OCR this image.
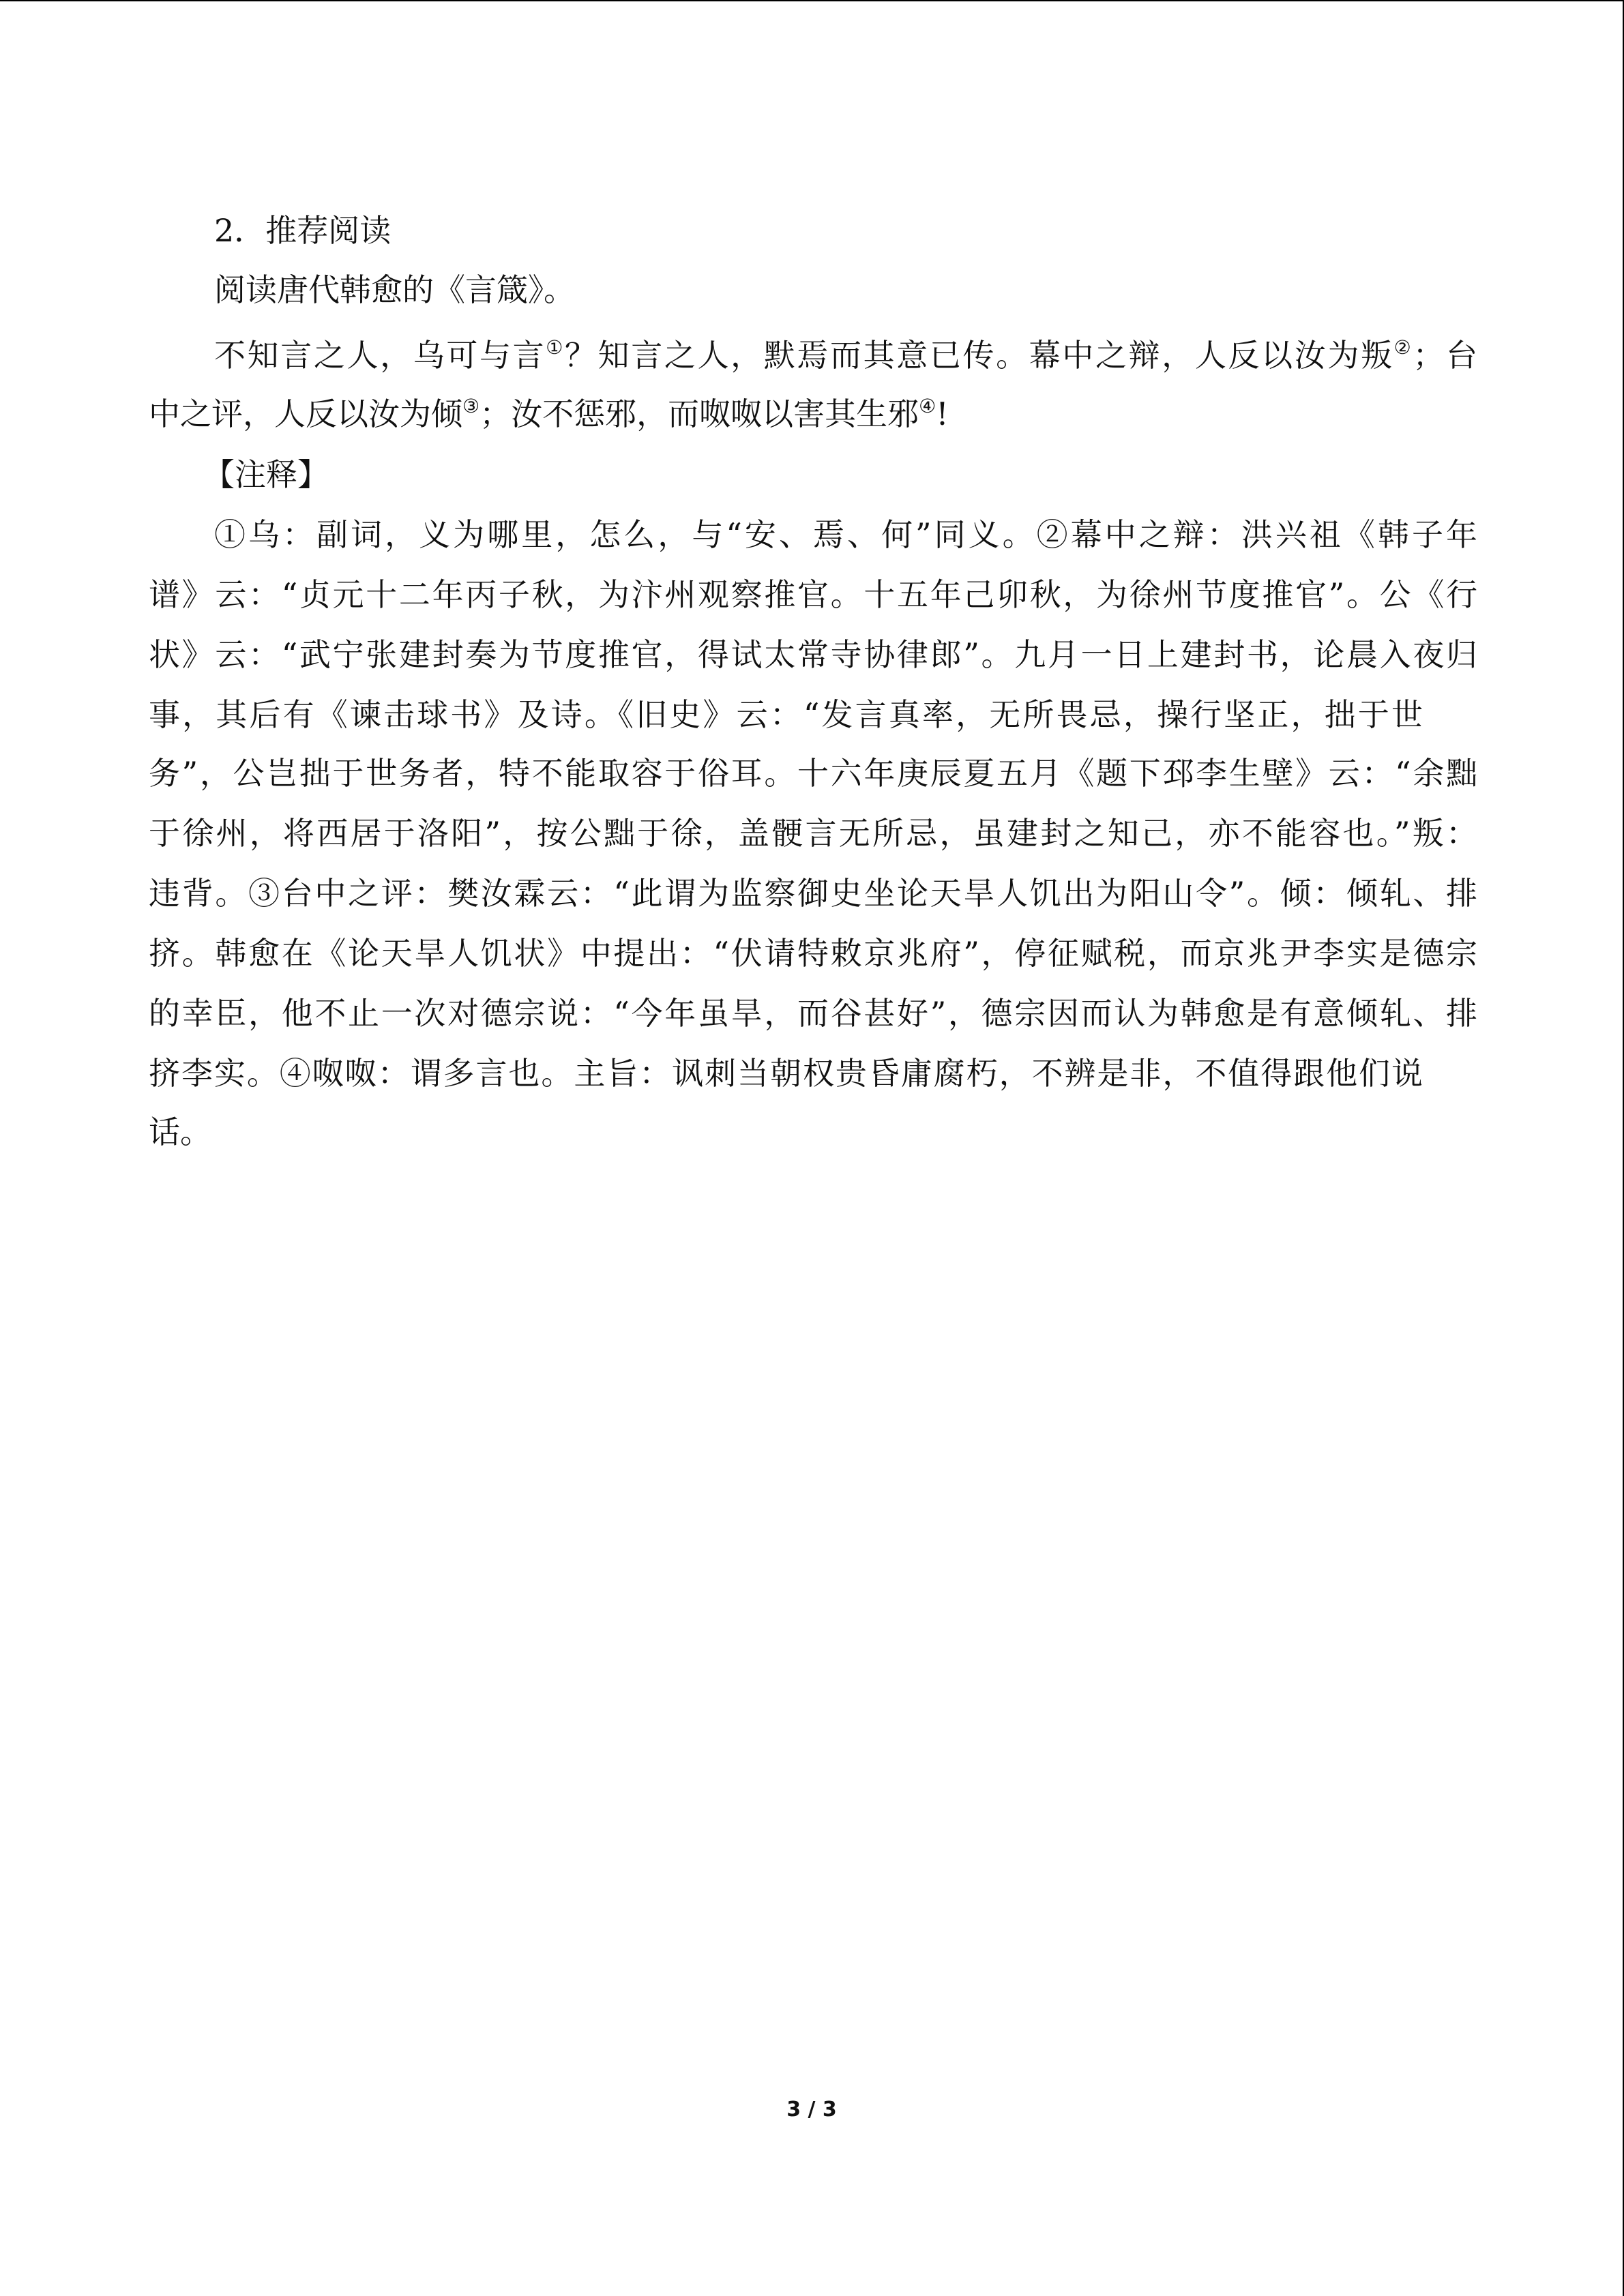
2．推荐阅读
阅读唐代韩愈的《言箴》。
不知言之人，乌可与言①？知言之人，默焉而其意已传。幕中之辩，人反以汝为叛②；台
中之评，人反以汝为倾③；汝不惩邪，而呶呶以害其生邪④!
【注释】
①乌：副词，义为哪里，怎么，与“安、焉、何”同义。②幕中之辩：洪兴祖《韩子年
谱》云：“贞元十二年丙子秋，为汴州观察推官。十五年己卯秋，为徐州节度推官”。公《行
状》云：“武宁张建封奏为节度推官，得试太常寺协律郎”。九月一日上建封书，论晨入夜归
事，其后有《谏击球书》及诗。《旧史》云：“发言真率，无所畏忌，操行坚正，拙于世
务”，公岂拙于世务者，特不能取容于俗耳。十六年庚辰夏五月《题下邳李生壁》云：“余黜
于徐州，将西居于洛阳”，按公黜于徐，盖骾言无所忌，虽建封之知己，亦不能容也。”叛：
违背。③台中之评：樊汝霖云：“此谓为监察御史坐论天旱人饥出为阳山令”。倾：倾轧、排
挤。韩愈在《论天旱人饥状》中提出：“伏请特敕京兆府”，停征赋税，而京兆尹李实是德宗
的幸臣，他不止一次对德宗说：“今年虽旱，而谷甚好”，德宗因而认为韩愈是有意倾轧、排
挤李实。④呶呶：谓多言也。主旨：讽刺当朝权贵昏庸腐朽，不辨是非，不值得跟他们说
话。
3 / 3
